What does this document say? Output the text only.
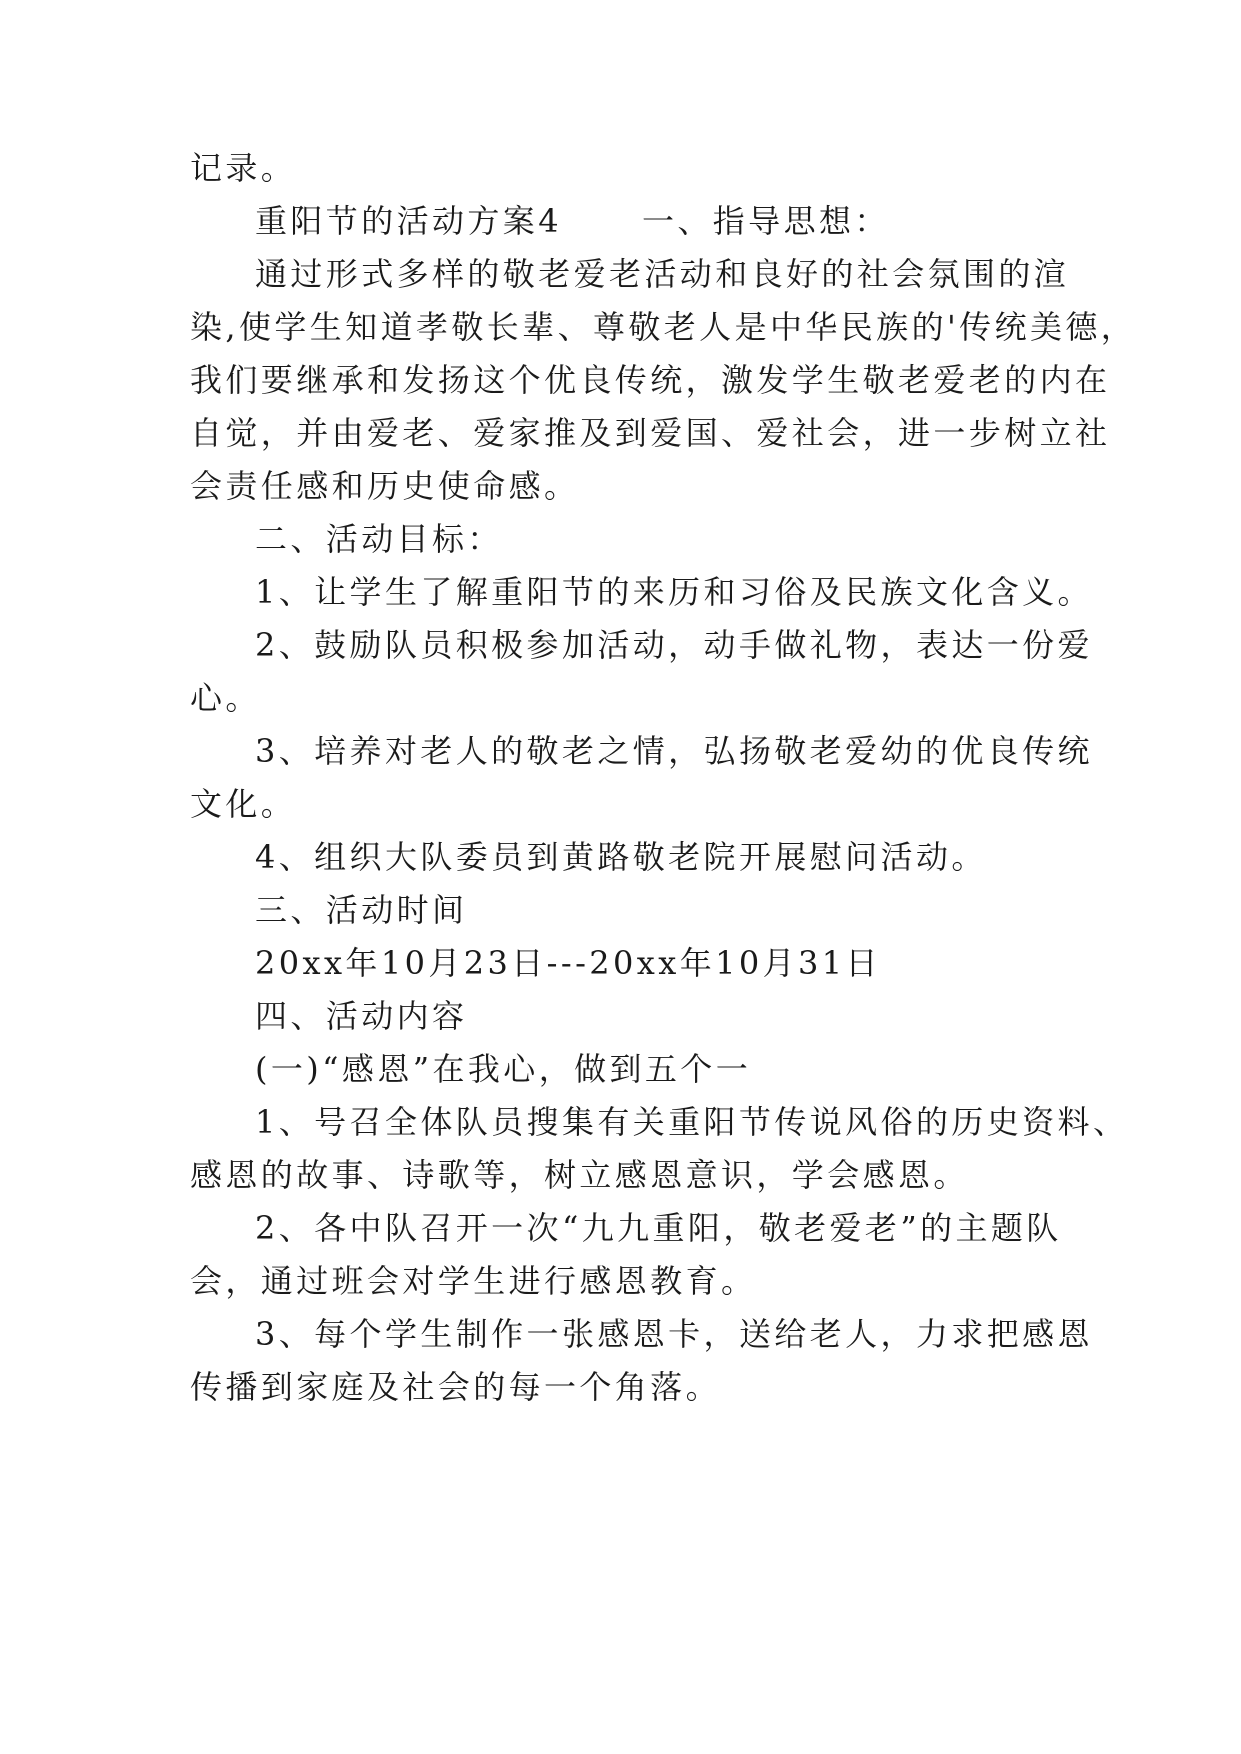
记录。
重阳节的活动方案4	一、指导思想：
通过形式多样的敬老爱老活动和良好的社会氛围的渲
染,使学生知道孝敬长辈、尊敬老人是中华民族的'传统美德，
我们要继承和发扬这个优良传统，激发学生敬老爱老的内在
自觉，并由爱老、爱家推及到爱国、爱社会，进一步树立社
会责任感和历史使命感。
二、活动目标：
1、让学生了解重阳节的来历和习俗及民族文化含义。
2、鼓励队员积极参加活动，动手做礼物，表达一份爱
心。
3、培养对老人的敬老之情，弘扬敬老爱幼的优良传统
文化。
4、组织大队委员到黄路敬老院开展慰问活动。
三、活动时间
20xx年10月23日---20xx年10月31日
四、活动内容
(一)“感恩”在我心，做到五个一
1、号召全体队员搜集有关重阳节传说风俗的历史资料、
感恩的故事、诗歌等，树立感恩意识，学会感恩。
2、各中队召开一次“九九重阳，敬老爱老”的主题队
会，通过班会对学生进行感恩教育。
3、每个学生制作一张感恩卡，送给老人，力求把感恩
传播到家庭及社会的每一个角落。
